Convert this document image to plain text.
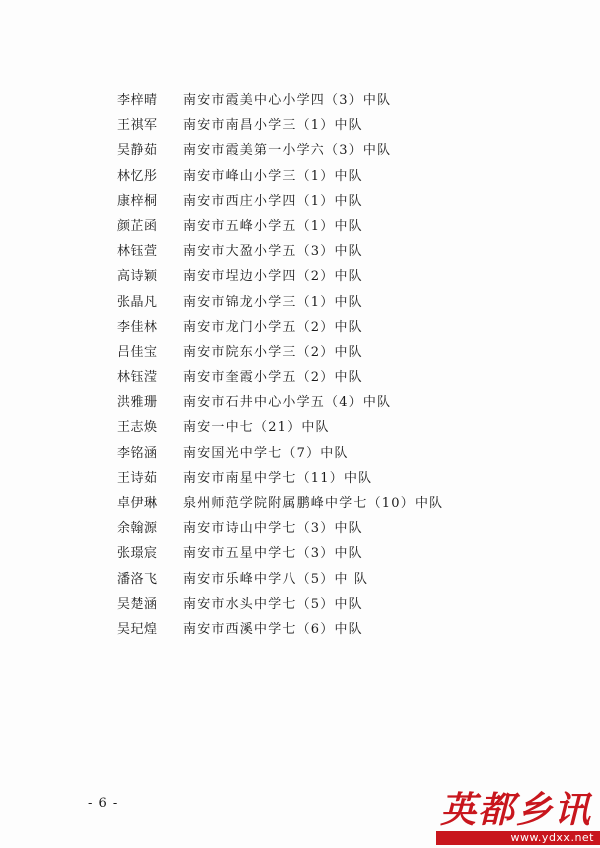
李梓晴 南安市霞美中心小学四（3）中队
王祺军 南安市南昌小学三（1）中队
吴静茹 南安市霞美第一小学六（3）中队
林忆彤 南安市峰山小学三（1）中队
康梓桐 南安市西庄小学四（1）中队
颜芷函 南安市五峰小学五（1）中队
林钰萱 南安市大盈小学五（3）中队
高诗颖 南安市埕边小学四（2）中队
张晶凡 南安市锦龙小学三（1）中队
李佳林 南安市龙门小学五（2）中队
吕佳宝 南安市院东小学三（2）中队
林钰滢 南安市奎霞小学五（2）中队
洪雅珊 南安市石井中心小学五（4）中队
王志焕 南安一中七（21）中队
李铭涵 南安国光中学七（7）中队
王诗茹 南安市南星中学七（11）中队
卓伊琳 泉州师范学院附属鹏峰中学七（10）中队
余翰源 南安市诗山中学七（3）中队
张璟宸 南安市五星中学七（3）中队
潘洛飞 南安市乐峰中学八（5）中 队
吴楚涵 南安市水头中学七（5）中队
吴玘煌 南安市西溪中学七（6）中队
- 6 -	英都乡讯
www.ydxx.net
